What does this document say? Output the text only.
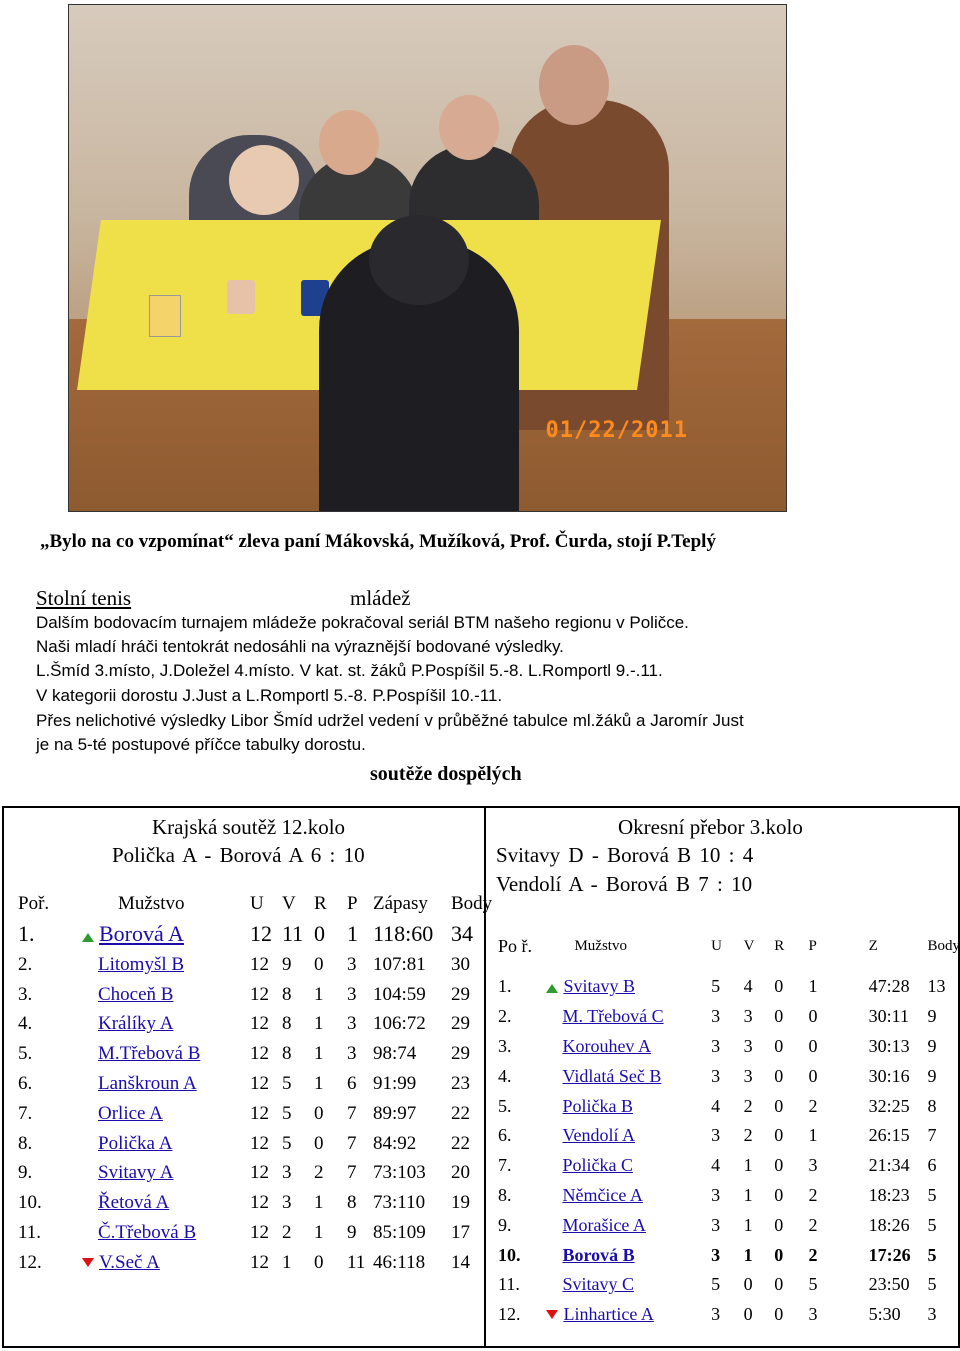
01/22/2011
„Bylo na co vzpomínat“ zleva paní Mákovská, Mužíková, Prof. Čurda, stojí P.Teplý
Stolní tenis	mládež
Dalším bodovacím turnajem mládeže pokračoval seriál BTM našeho regionu v Poličce.
Naši mladí hráči tentokrát nedosáhli na výraznější bodované výsledky.
L.Šmíd 3.místo, J.Doležel 4.místo. V kat. st. žáků P.Pospíšil 5.-8. L.Romportl 9.-.11.
V kategorii dorostu J.Just a L.Romportl 5.-8. P.Pospíšil 10.-11.
Přes nelichotivé výsledky Libor Šmíd udržel vedení v průběžné tabulce ml.žáků a Jaromír Just
je na 5-té postupové příčce tabulky dorostu.
soutěže dospělých
Krajská soutěž 12.kolo
Polička A - Borová A 6 : 10
Poř.	Mužstvo	U	V	R	P	Zápasy	Body
1.	Borová A	12	11	0	1	118:60	34
2.	Litomyšl B	12	9	0	3	107:81	30
3.	Choceň B	12	8	1	3	104:59	29
4.	Králíky A	12	8	1	3	106:72	29
5.	M.Třebová B	12	8	1	3	98:74	29
6.	Lanškroun A	12	5	1	6	91:99	23
7.	Orlice A	12	5	0	7	89:97	22
8.	Polička A	12	5	0	7	84:92	22
9.	Svitavy A	12	3	2	7	73:103	20
10.	Řetová A	12	3	1	8	73:110	19
11.	Č.Třebová B	12	2	1	9	85:109	17
12.	V.Seč A	12	1	0	11	46:118	14
Okresní přebor 3.kolo
Svitavy D - Borová B 10 : 4
Vendolí A - Borová B 7 : 10
Po ř.	Mužstvo	U	V	R	P	Z	Body
1.	Svitavy B	5	4	0	1	47:28	13
2.	M. Třebová C	3	3	0	0	30:11	9
3.	Korouhev A	3	3	0	0	30:13	9
4.	Vidlatá Seč B	3	3	0	0	30:16	9
5.	Polička B	4	2	0	2	32:25	8
6.	Vendolí A	3	2	0	1	26:15	7
7.	Polička C	4	1	0	3	21:34	6
8.	Němčice A	3	1	0	2	18:23	5
9.	Morašice A	3	1	0	2	18:26	5
10.	Borová B	3	1	0	2	17:26	5
11.	Svitavy C	5	0	0	5	23:50	5
12.	Linhartice A	3	0	0	3	5:30	3
